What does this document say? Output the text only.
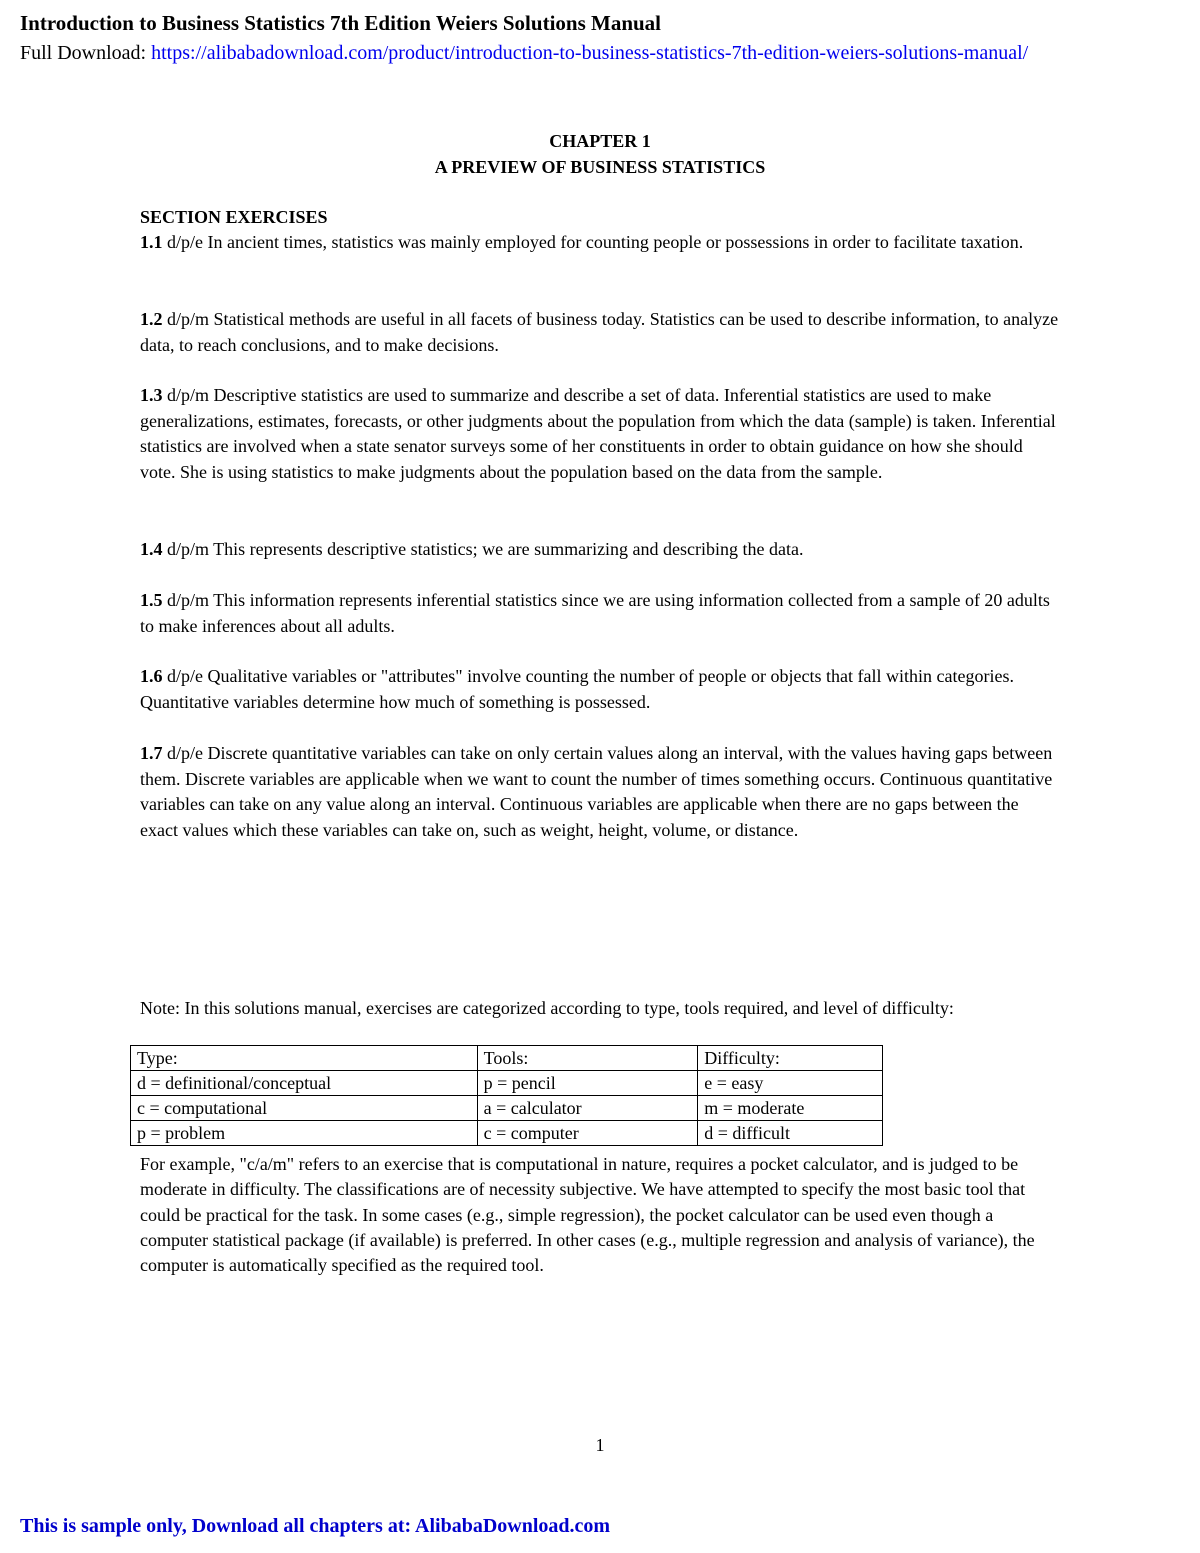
Introduction to Business Statistics 7th Edition Weiers Solutions Manual
Full Download: https://alibabadownload.com/product/introduction-to-business-statistics-7th-edition-weiers-solutions-manual/
CHAPTER 1
A PREVIEW OF BUSINESS STATISTICS
SECTION EXERCISES

1.1 d/p/e In ancient times, statistics was mainly employed for counting people or possessions in order to facilitate taxation.

1.2 d/p/m Statistical methods are useful in all facets of business today. Statistics can be used to describe information, to analyze data, to reach conclusions, and to make decisions.

1.3 d/p/m Descriptive statistics are used to summarize and describe a set of data. Inferential statistics are used to make generalizations, estimates, forecasts, or other judgments about the population from which the data (sample) is taken. Inferential statistics are involved when a state senator surveys some of her constituents in order to obtain guidance on how she should vote. She is using statistics to make judgments about the population based on the data from the sample.

1.4 d/p/m This represents descriptive statistics; we are summarizing and describing the data.

1.5 d/p/m This information represents inferential statistics since we are using information collected from a sample of 20 adults to make inferences about all adults.

1.6 d/p/e Qualitative variables or "attributes" involve counting the number of people or objects that fall within categories. Quantitative variables determine how much of something is possessed.

1.7 d/p/e Discrete quantitative variables can take on only certain values along an interval, with the values having gaps between them. Discrete variables are applicable when we want to count the number of times something occurs. Continuous quantitative variables can take on any value along an interval. Continuous variables are applicable when there are no gaps between the exact values which these variables can take on, such as weight, height, volume, or distance.

Note: In this solutions manual, exercises are categorized according to type, tools required, and level of difficulty:

Type:	Tools:	Difficulty:
d = definitional/conceptual	p = pencil	e = easy
c = computational	a = calculator	m = moderate
p = problem	c = computer	d = difficult

For example, "c/a/m" refers to an exercise that is computational in nature, requires a pocket calculator, and is judged to be moderate in difficulty. The classifications are of necessity subjective. We have attempted to specify the most basic tool that could be practical for the task. In some cases (e.g., simple regression), the pocket calculator can be used even though a computer statistical package (if available) is preferred. In other cases (e.g., multiple regression and analysis of variance), the computer is automatically specified as the required tool.

1
This is sample only, Download all chapters at: AlibabaDownload.com
